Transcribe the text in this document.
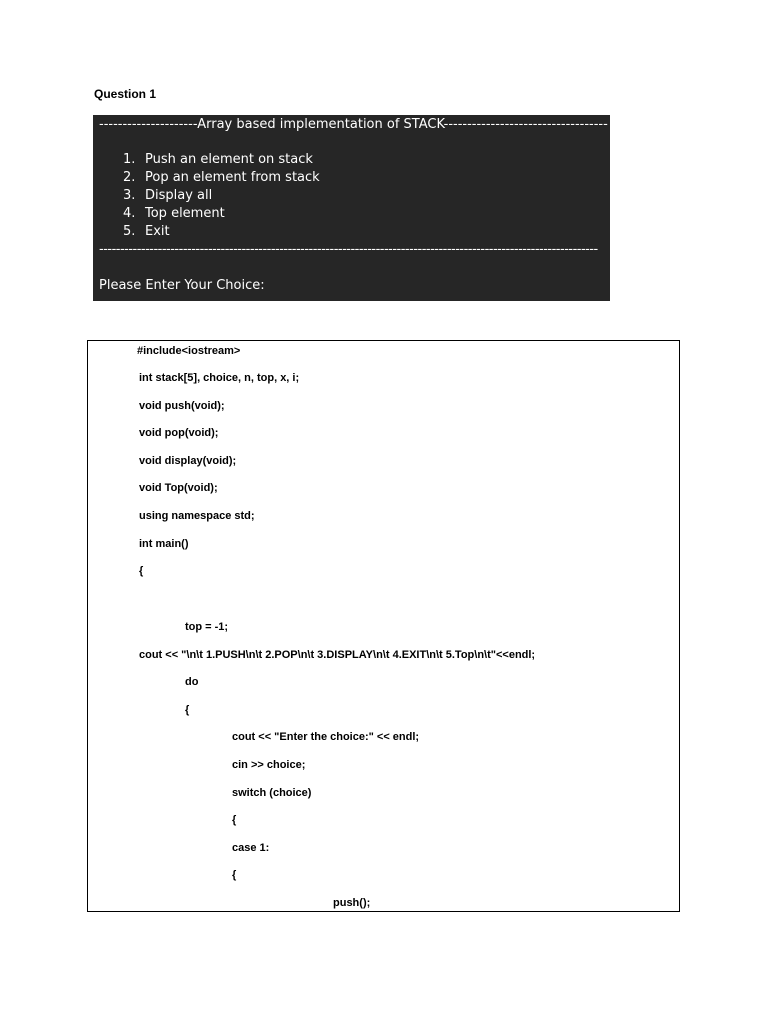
Question 1
---------------------Array based implementation of STACK-----------------------------------
1. Push an element on stack
2. Pop an element from stack
3. Display all
4. Top element
5. Exit
-----------------------------------------------------------------------------------------------------------------------
Please Enter Your Choice:
#include<iostream>
int stack[5], choice, n, top, x, i;
void push(void);
void pop(void);
void display(void);
void Top(void);
using namespace std;
int main()
{
top = -1;
cout << "\n\t 1.PUSH\n\t 2.POP\n\t 3.DISPLAY\n\t 4.EXIT\n\t 5.Top\n\t"<<endl;
do
{
cout << "Enter the choice:" << endl;
cin >> choice;
switch (choice)
{
case 1:
{
push();
